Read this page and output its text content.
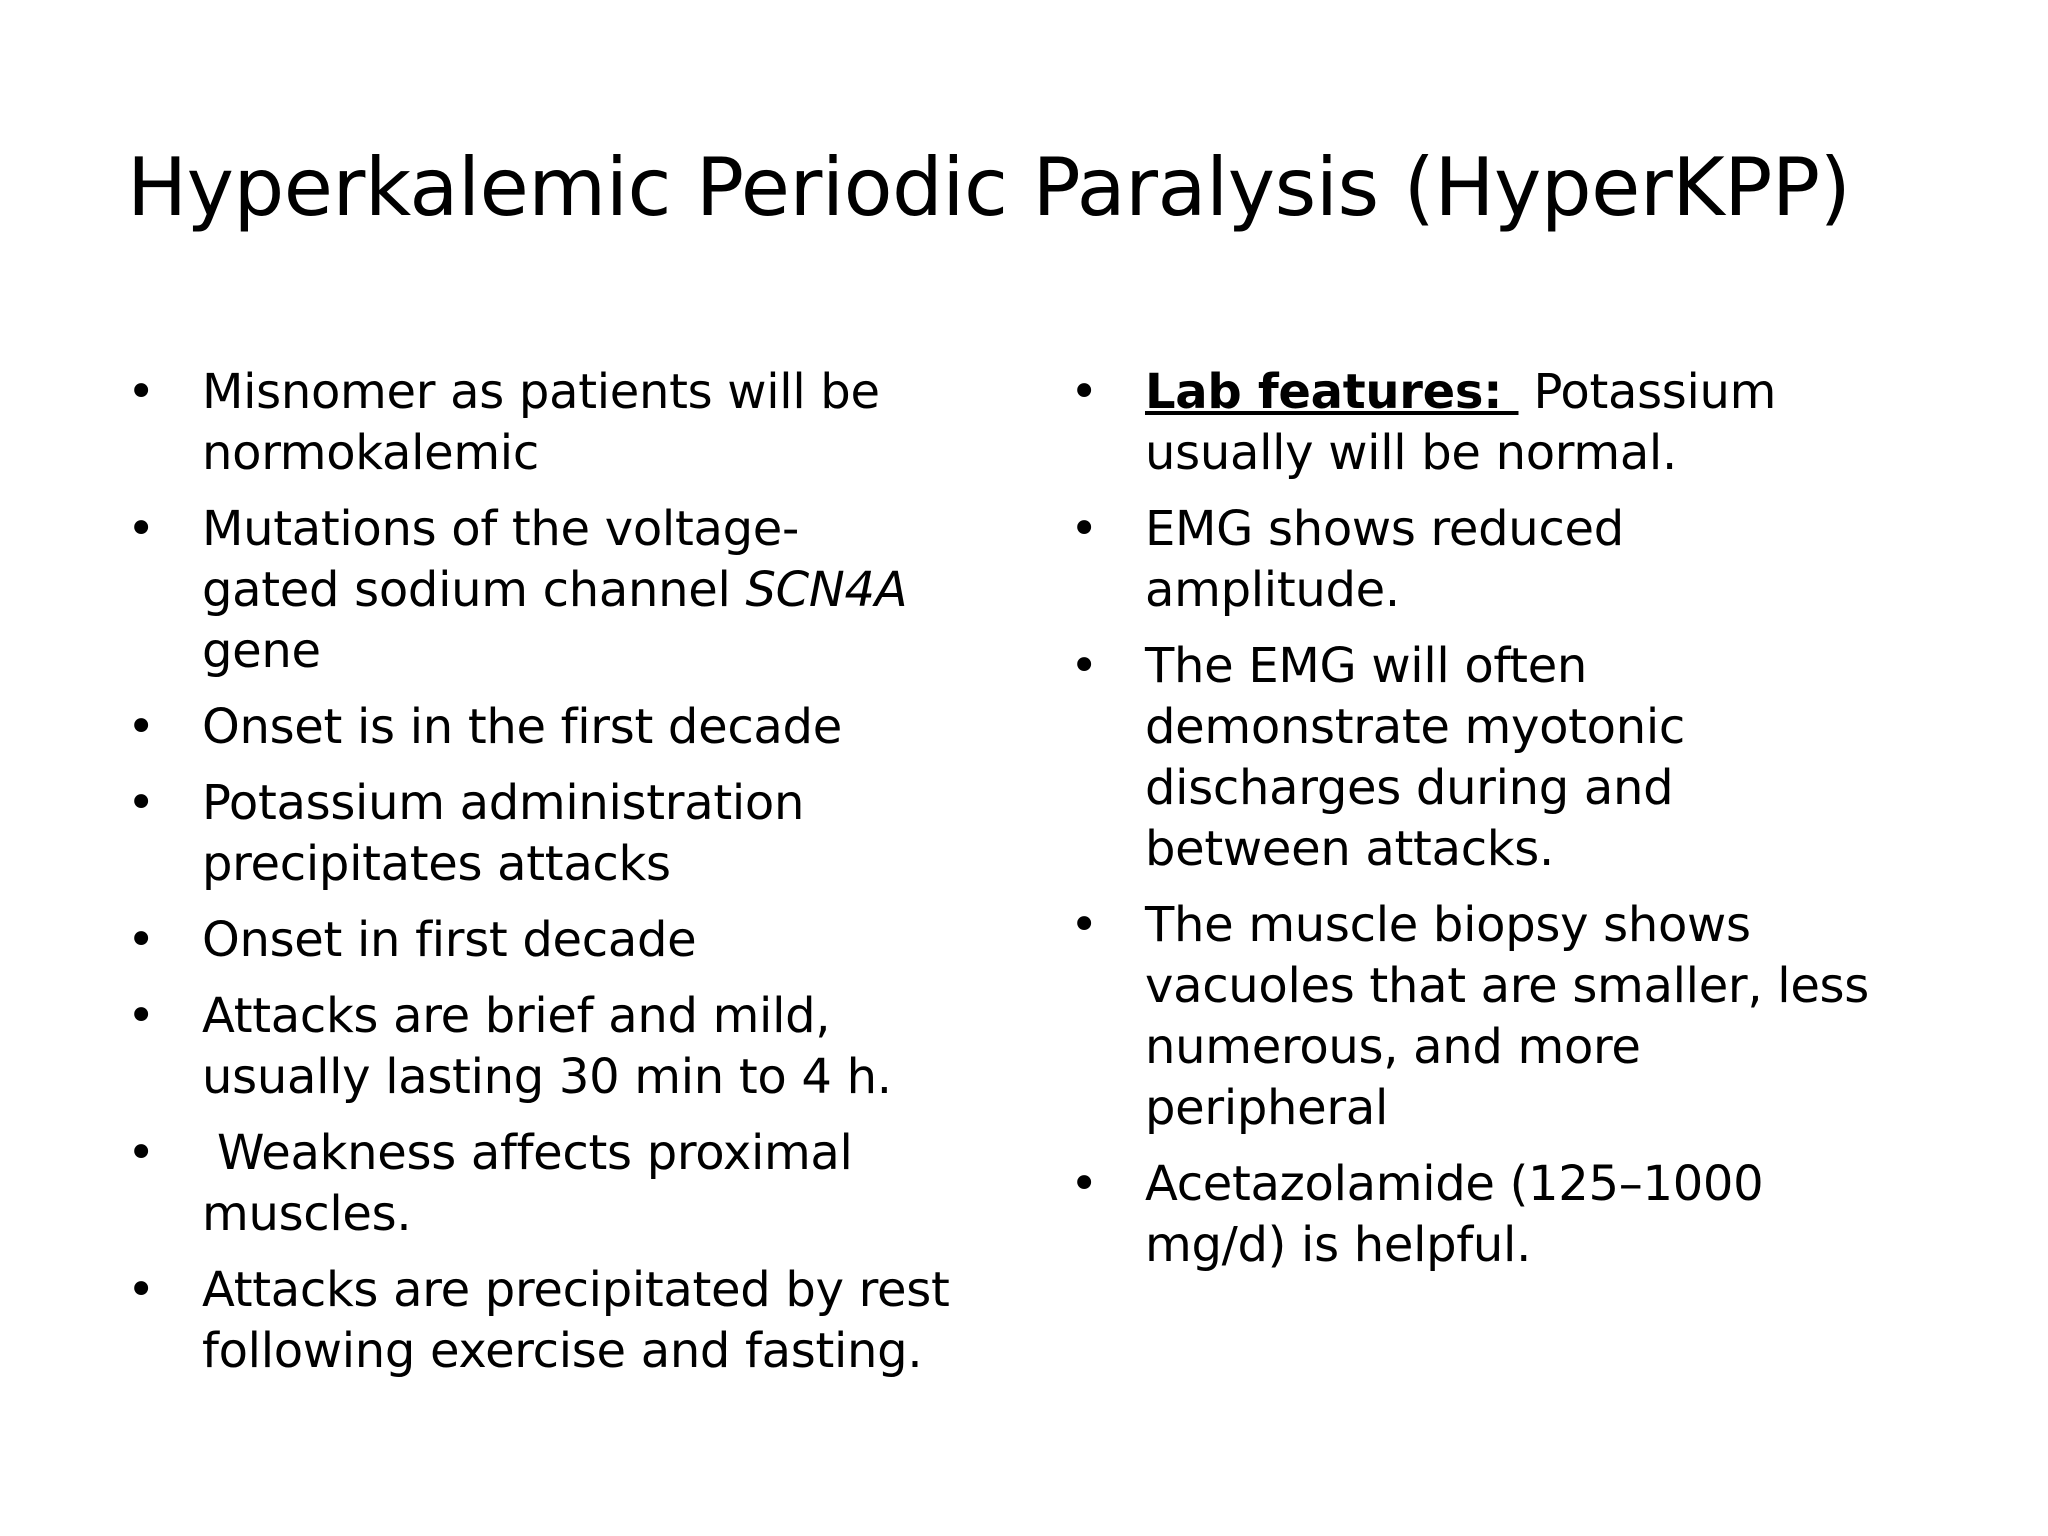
Hyperkalemic Periodic Paralysis (HyperKPP)
• Misnomer as patients will be
normokalemic
• Mutations of the voltage-
gated sodium channel SCN4A
gene
• Onset is in the first decade
• Potassium administration
precipitates attacks
• Onset in first decade
• Attacks are brief and mild,
usually lasting 30 min to 4 h.
• Weakness affects proximal
muscles.
• Attacks are precipitated by rest
following exercise and fasting.
• Lab features:  Potassium
usually will be normal.
• EMG shows reduced
amplitude.
• The EMG will often
demonstrate myotonic
discharges during and
between attacks.
• The muscle biopsy shows
vacuoles that are smaller, less
numerous, and more
peripheral
• Acetazolamide (125–1000
mg/d) is helpful.
